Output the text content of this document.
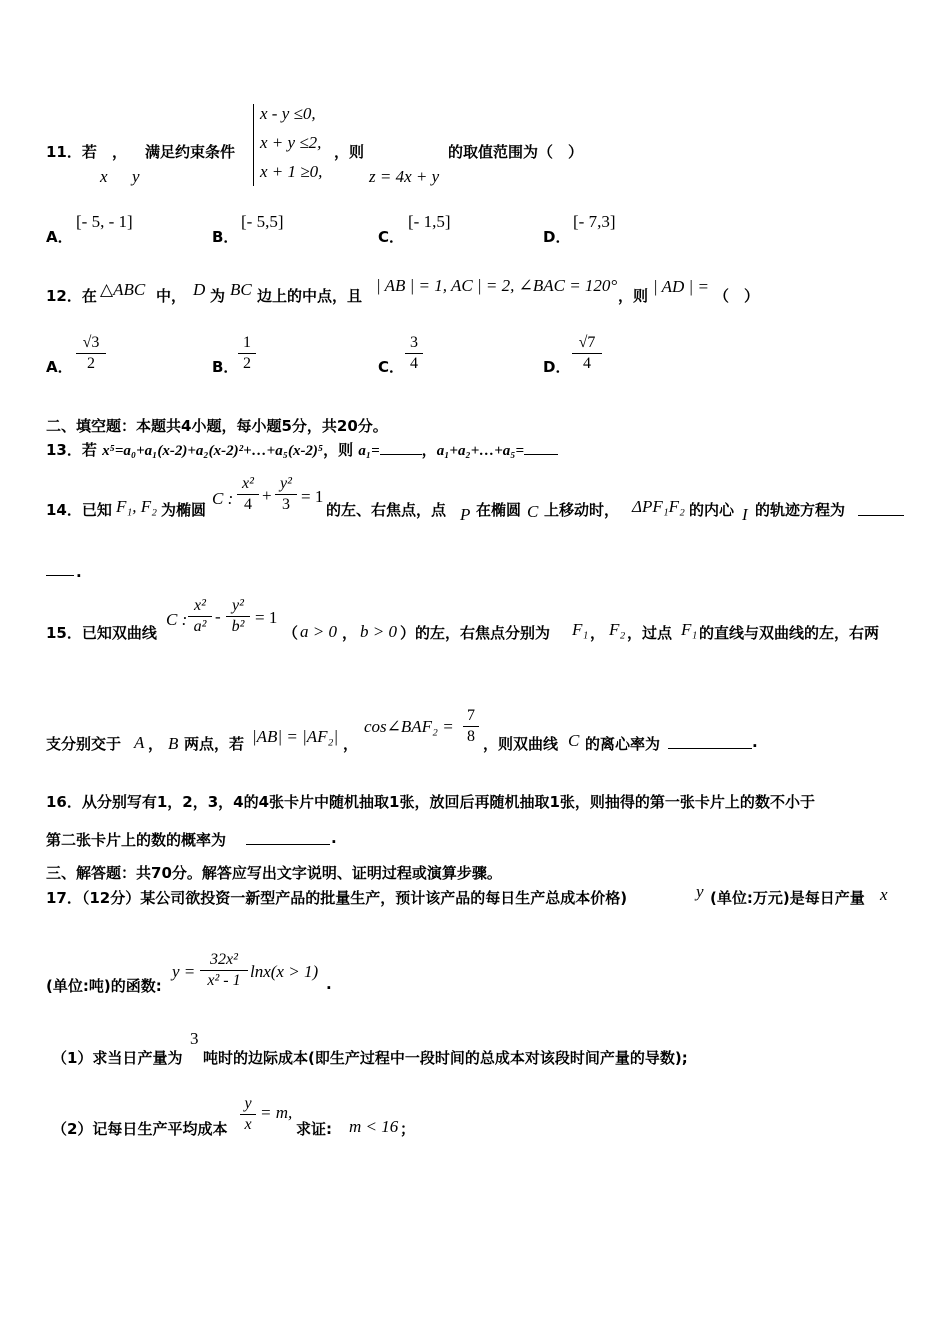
11．若 ， 满足约束条件
x y
x - y ≤0,
x + y ≤2,
x + 1 ≥0,
，则
z = 4x + y
的取值范围为（　）
A．
[- 5, - 1]
B．
[- 5,5]
C．
[- 1,5]
D．
[- 7,3]
12．在 △ABC 中， D 为 BC 边上的中点，且
| AB | = 1, AC | = 2, ∠BAC = 120°
，则 | AD | = （　）
A． $\frac{√3}{2}$	B． $\frac{1}{2}$	C． $\frac{3}{4}$	D． $\frac{√7}{4}$
二、填空题：本题共4小题，每小题5分，共20分。
13．若 x⁵=a₀+a₁(x-2)+a₂(x-2)²+…+a₅(x-2)⁵，则 a₁=	，a₁+a₂+…+a₅=
14．已知 F₁, F₂ 为椭圆
C : $\frac{\text{x²}}{4} + \frac{\text{y²}}{3} = 1$
的左、右焦点，点 P 在椭圆 C 上移动时， ΔPF₁F₂ 的内心 I 的轨迹方程为
.
15．已知双曲线
C : $\frac{\text{x²}}{\text{a²}} - \frac{\text{y²}}{\text{b²}} = 1$
（ a > 0 ， b > 0 ）的左，右焦点分别为 F₁ ， F₂ ，过点 F₁ 的直线与双曲线的左，右两
支分别交于 A ， B 两点，若 |AB| = |AF₂| ，
cos∠BAF₂ = $\frac{7}{8}$ ，则双曲线 C 的离心率为	.
16．从分别写有1，2，3，4的4张卡片中随机抽取1张，放回后再随机抽取1张，则抽得的第一张卡片上的数不小于
第二张卡片上的数的概率为	.
三、解答题：共70分。解答应写出文字说明、证明过程或演算步骤。
17．（12分）某公司欲投资一新型产品的批量生产，预计该产品的每日生产总成本价格)	y (单位:万元)是每日产量 x
(单位:吨)的函数:
$y = \frac{\text{32x²}}{\text{x² - 1}} \ln x(x > 1)$
.
（1）求当日产量为
3
吨时的边际成本(即生产过程中一段时间的总成本对该段时间产量的导数);
（2）记每日生产平均成本 $\frac{y}{x} = m$,
求证: m < 16 ；
